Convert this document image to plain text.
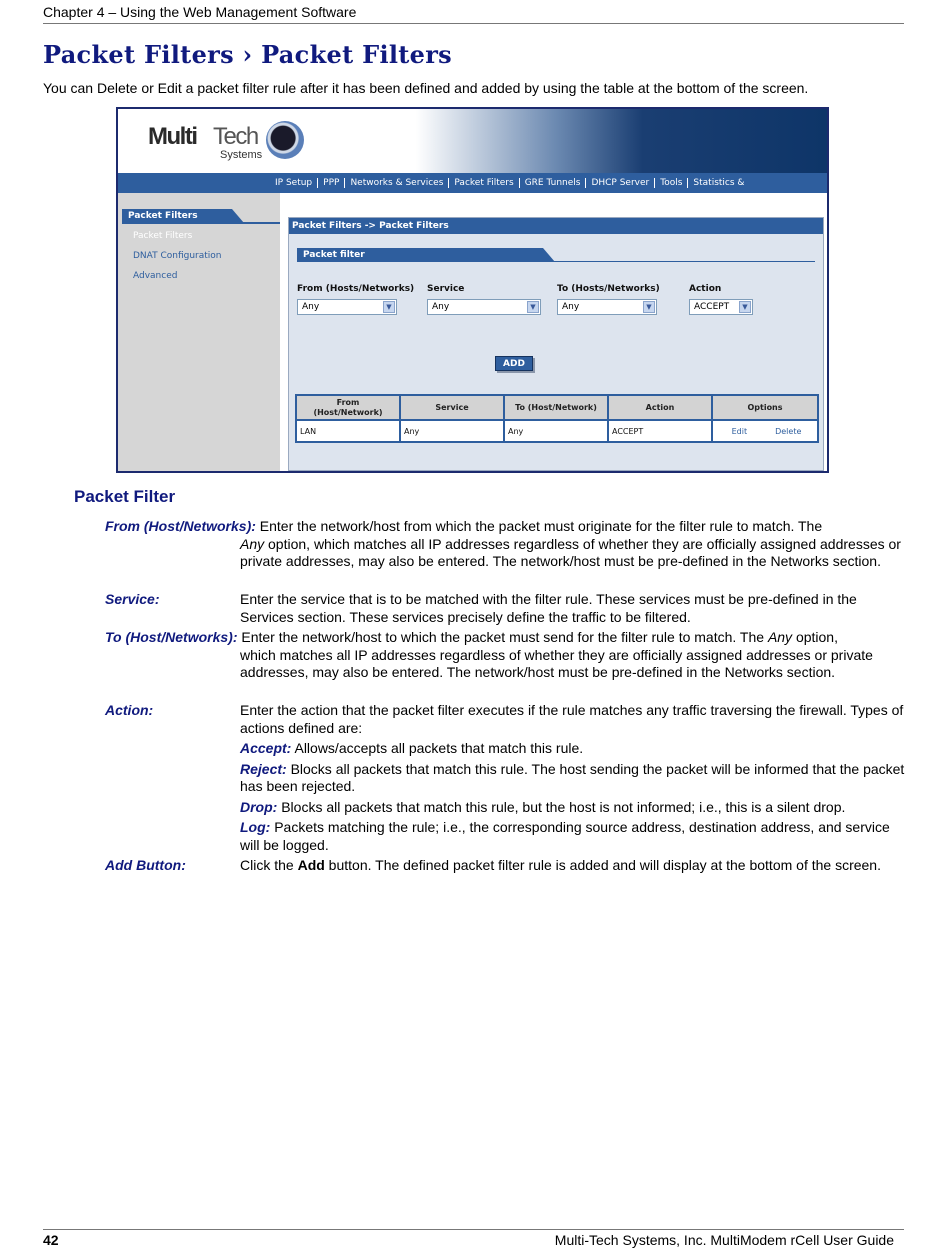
Chapter 4 – Using the Web Management Software
Packet Filters › Packet Filters
You can Delete or Edit a packet filter rule after it has been defined and added by using the table at the bottom of the screen.
Multi Tech
Systems
IP Setup PPP Networks & Services Packet Filters GRE Tunnels DHCP Server Tools Statistics &
Packet Filters
Packet Filters
DNAT Configuration
Advanced
Packet Filters -> Packet Filters
Packet filter
From (Hosts/Networks) Service	To (Hosts/Networks)	Action
Any	▼	Any	▼	Any	▼	ACCEPT	▼
ADD
From
(Host/Network)	Service	To (Host/Network)	Action	Options
LAN	Any	Any	ACCEPT	Edit Delete
Packet Filter
From (Host/Networks): Enter the network/host from which the packet must originate for the filter rule to match. The
Any option, which matches all IP addresses regardless of whether they are officially assigned addresses or private addresses, may also be entered. The network/host must be pre-defined in the Networks section.
Service:	Enter the service that is to be matched with the filter rule. These services must be pre-defined in the Services section. These services precisely define the traffic to be filtered.
To (Host/Networks): Enter the network/host to which the packet must send for the filter rule to match. The Any option,
which matches all IP addresses regardless of whether they are officially assigned addresses or private addresses, may also be entered. The network/host must be pre-defined in the Networks section.
Action:	Enter the action that the packet filter executes if the rule matches any traffic traversing the firewall. Types of actions defined are:
Accept: Allows/accepts all packets that match this rule.
Reject: Blocks all packets that match this rule. The host sending the packet will be informed that the packet has been rejected.
Drop: Blocks all packets that match this rule, but the host is not informed; i.e., this is a silent drop.
Log: Packets matching the rule; i.e., the corresponding source address, destination address, and service will be logged.
Add Button:	Click the Add button. The defined packet filter rule is added and will display at the bottom of the screen.
42	Multi-Tech Systems, Inc. MultiModem rCell User Guide
